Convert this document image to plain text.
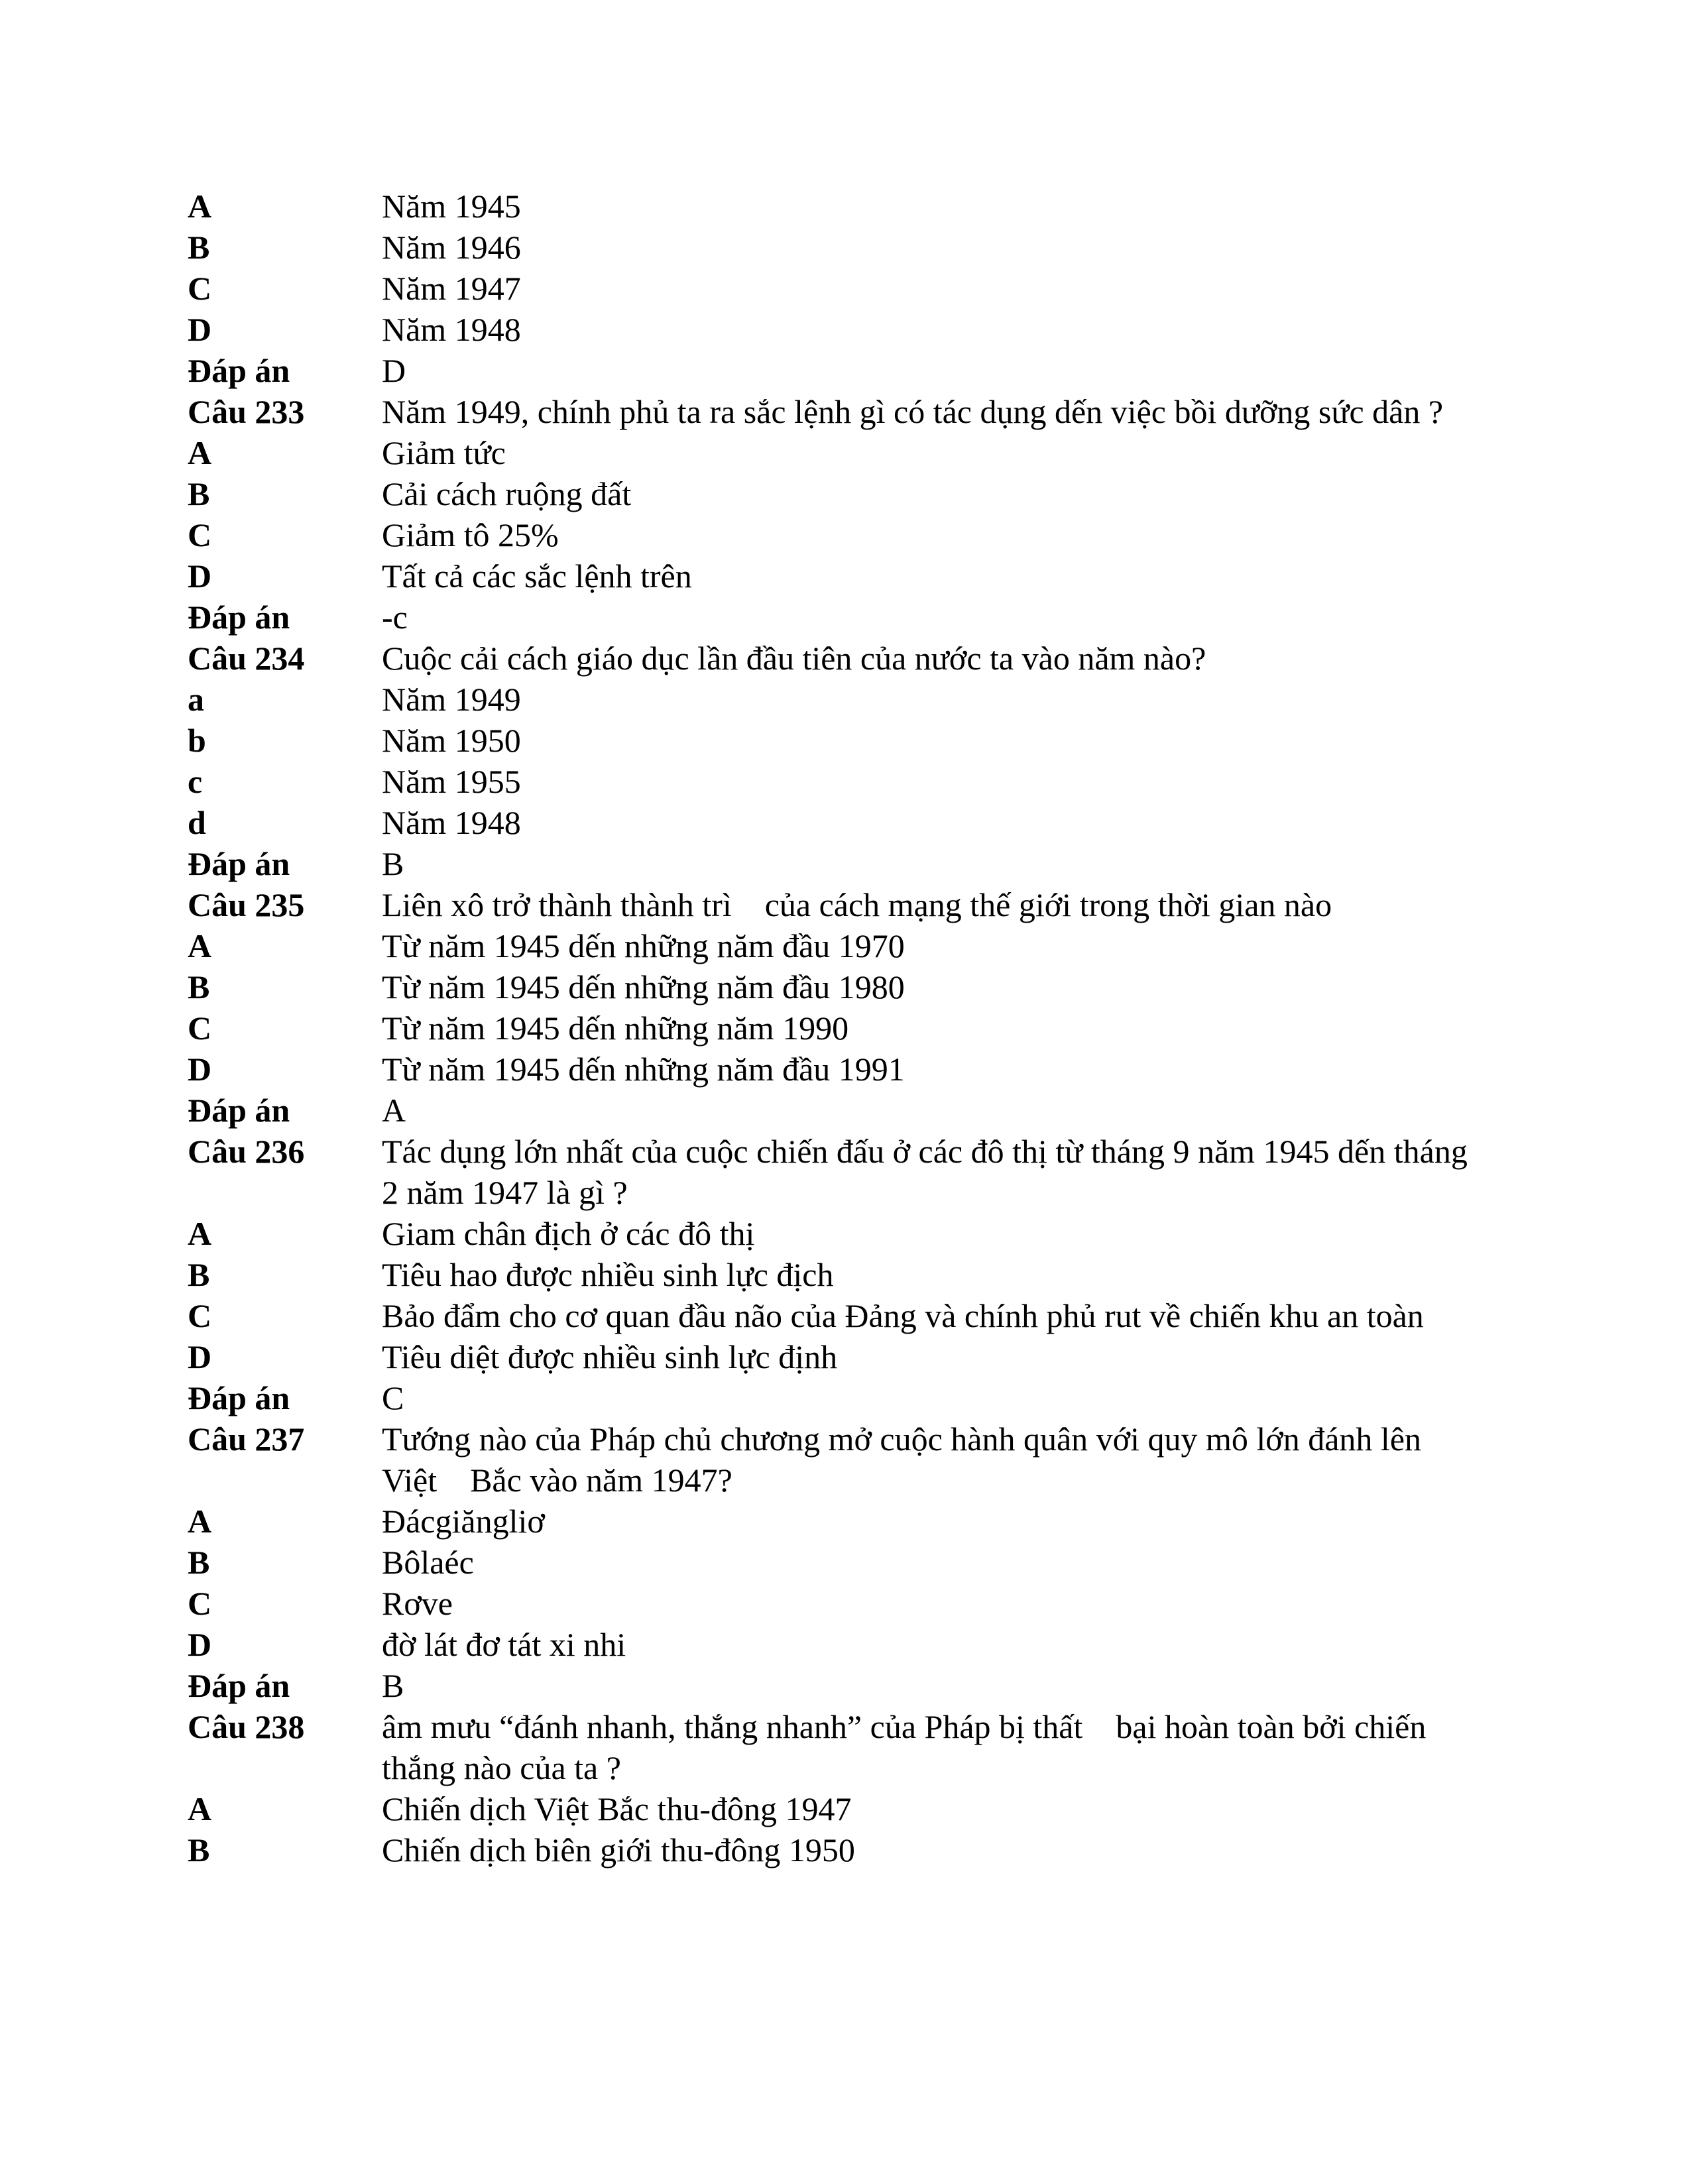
A	Năm 1945
B	Năm 1946
C	Năm 1947
D	Năm 1948
Đáp án	D
Câu 233	Năm 1949, chính phủ ta ra sắc lệnh gì có tác dụng dến việc bồi dưỡng sức dân ?
A	Giảm tức
B	Cải cách ruộng đất
C	Giảm tô 25%
D	Tất cả các sắc lệnh trên
Đáp án	-c
Câu 234	Cuộc cải cách giáo dục lần đầu tiên của nước ta vào năm nào?
a	Năm 1949
b	Năm 1950
c	Năm 1955
d	Năm 1948
Đáp án	B
Câu 235	Liên xô trở thành thành trì    của cách mạng thế giới trong thời gian nào
A	Từ năm 1945 dến những năm đầu 1970
B	Từ năm 1945 dến những năm đầu 1980
C	Từ năm 1945 dến những năm 1990
D	Từ năm 1945 dến những năm đầu 1991
Đáp án	A
Câu 236	Tác dụng lớn nhất của cuộc chiến đấu ở các đô thị từ tháng 9 năm 1945 dến tháng 2 năm 1947 là gì ?
A	Giam chân địch ở các đô thị
B	Tiêu hao được nhiều sinh lực địch
C	Bảo đẩm cho cơ quan đầu não của Đảng và chính phủ rut về chiến khu an toàn
D	Tiêu diệt được nhiều sinh lực định
Đáp án	C
Câu 237	Tướng nào của Pháp chủ chương mở cuộc hành quân với quy mô lớn đánh lên Việt    Bắc vào năm 1947?
A	Đácgiăngliơ
B	Bôlaéc
C	Rơve
D	đờ lát đơ tát xi nhi
Đáp án	B
Câu 238	âm mưu “đánh nhanh, thắng nhanh” của Pháp bị thất    bại hoàn toàn bởi chiến thắng nào của ta ?
A	Chiến dịch Việt Bắc thu-đông 1947
B	Chiến dịch biên giới thu-đông 1950
